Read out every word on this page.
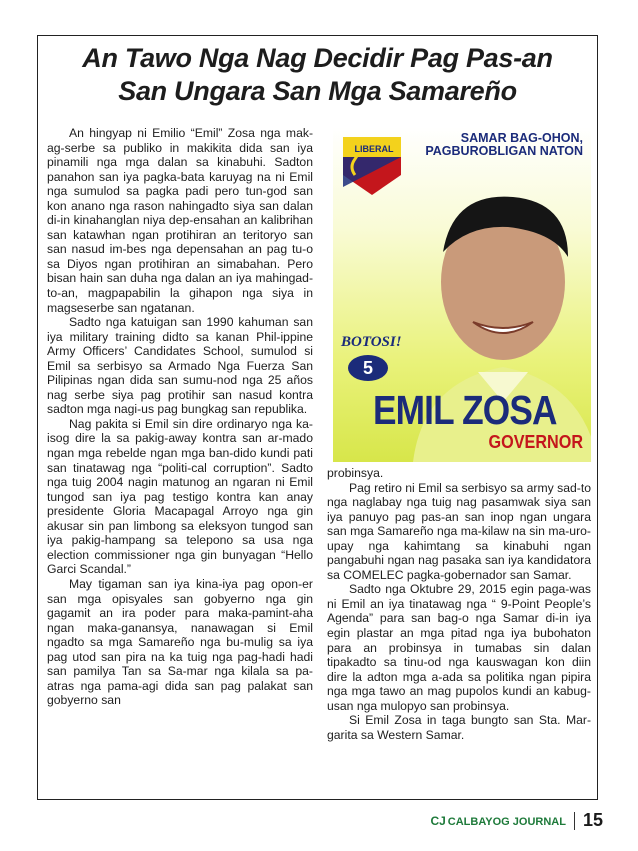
An Tawo Nga Nag Decidir Pag Pas-an
San Ungara San Mga Samareño

An hingyap ni Emilio “Emil” Zosa nga mak-ag-serbe sa publiko in makikita dida san iya pinamili nga mga dalan sa kinabuhi. Sadton panahon san iya pagka-bata karuyag na ni Emil nga sumulod sa pagka padi pero tun-god san kon anano nga rason nahingadto siya san dalan di-in kinahanglan niya dep-ensahan an kalibrihan san katawhan ngan protihiran an teritoryo san san nasud im-bes nga depensahan an pag tu-o sa Diyos ngan protihiran an simabahan. Pero bisan hain san duha nga dalan an iya mahingad-to-an, magpapabilin la gihapon nga siya in magseserbe san ngatanan.

Sadto nga katuigan san 1990 kahuman san iya military training didto sa kanan Phil-ippine Army Officers’ Candidates School, sumulod si Emil sa serbisyo sa Armado Nga Fuerza San Pilipinas ngan dida san sumu-nod nga 25 años nag serbe siya pag protihir san nasud kontra sadton mga nagi-us pag bungkag san republika.

Nag pakita si Emil sin dire ordinaryo nga ka-isog dire la sa pakig-away kontra san ar-mado ngan mga rebelde ngan mga ban-dido kundi pati san tinatawag nga “politi-cal corruption”. Sadto nga tuig 2004 nagin matunog an ngaran ni Emil tungod san iya pag testigo kontra kan anay presidente Gloria Macapagal Arroyo nga gin akusar sin pan limbong sa eleksyon tungod san iya pakig-hampang sa telepono sa usa nga election commissioner nga gin bunyagan “Hello Garci Scandal.”

May tigaman san iya kina-iya pag opon-er san mga opisyales san gobyerno nga gin gagamit an ira poder para maka-pamint-aha ngan maka-ganansya, nanawagan si Emil ngadto sa mga Samareño nga bu-mulig sa iya pag utod san pira na ka tuig nga pag-hadi hadi san pamilya Tan sa Sa-mar nga kilala sa pa-atras nga pama-agi dida san pag palakat san gobyerno san

LIBERAL
SAMAR BAG-OHON,
PAGBUROBLIGAN NATON
BOTOSI!
5
EMIL ZOSA
GOVERNOR

probinsya.

Pag retiro ni Emil sa serbisyo sa army sad-to nga naglabay nga tuig nag pasamwak siya san iya panuyo pag pas-an san inop ngan ungara san mga Samareño nga ma-kilaw na sin ma-uro-upay nga kahimtang sa kinabuhi ngan pangabuhi ngan nag pasaka san iya kandidatora sa COMELEC pagka-gobernador san Samar.

Sadto nga Oktubre 29, 2015 egin paga-was ni Emil an iya tinatawag nga “ 9-Point People’s Agenda” para san bag-o nga Samar di-in iya egin plastar an mga pitad nga iya bubohaton para an probinsya in tumabas sin dalan tipakadto sa tinu-od nga kauswagan kon diin dire la adton mga a-ada sa politika ngan pipira nga mga tawo an mag pupolos kundi an kabug-usan nga mulopyo san probinsya.

Si Emil Zosa in taga bungto san Sta. Mar-garita sa Western Samar.

CJ CALBAYOG JOURNAL 15
